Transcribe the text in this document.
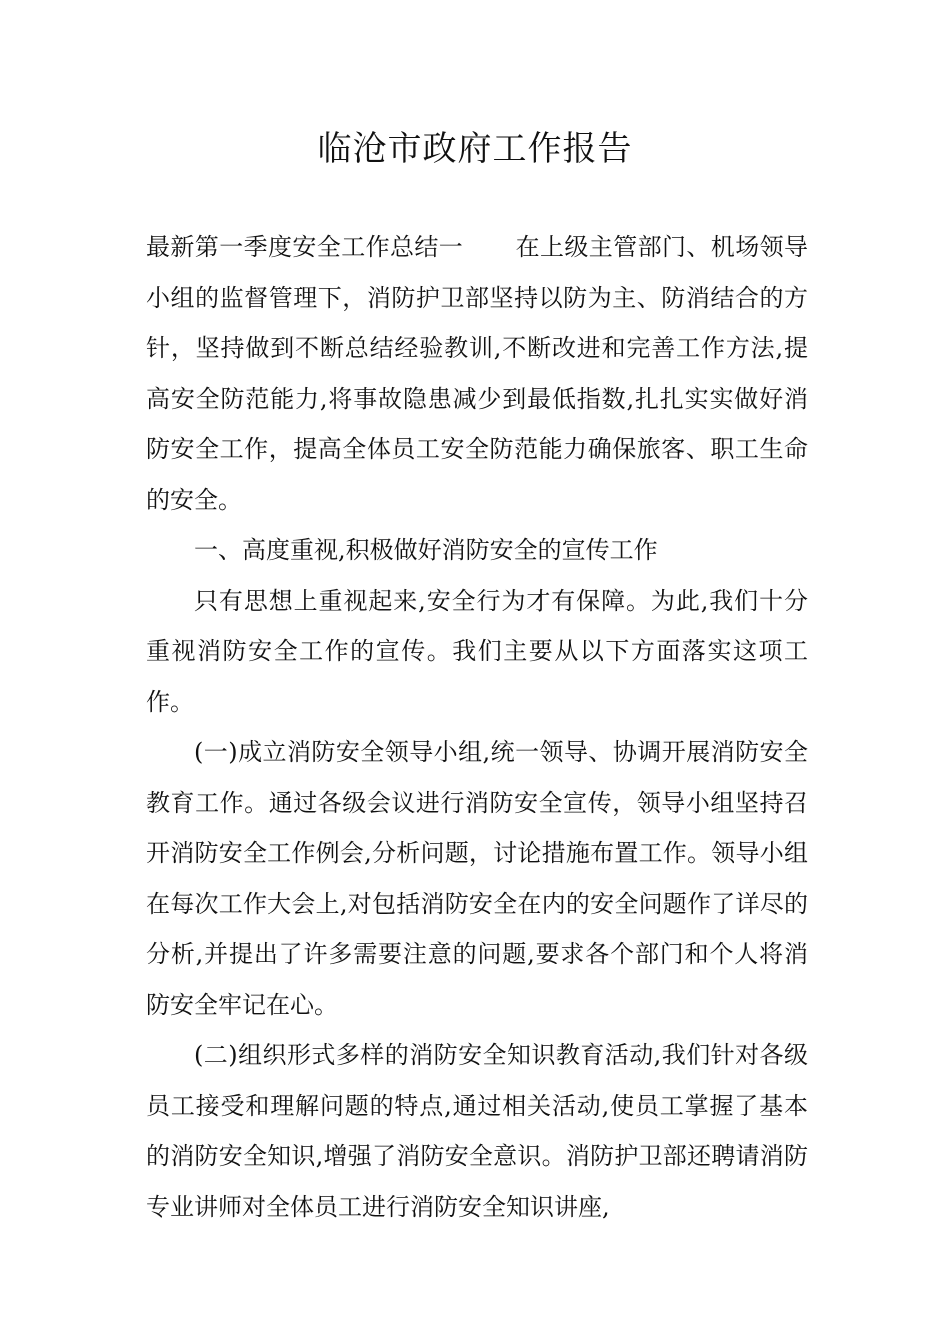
临沧市政府工作报告

最新第一季度安全工作总结一 在上级主管部门、机场领导小组的监督管理下，消防护卫部坚持以防为主、防消结合的方针，坚持做到不断总结经验教训,不断改进和完善工作方法,提高安全防范能力,将事故隐患减少到最低指数,扎扎实实做好消防安全工作，提高全体员工安全防范能力确保旅客、职工生命的安全。

一、高度重视,积极做好消防安全的宣传工作

只有思想上重视起来,安全行为才有保障。为此,我们十分重视消防安全工作的宣传。我们主要从以下方面落实这项工作。

(一)成立消防安全领导小组,统一领导、协调开展消防安全教育工作。通过各级会议进行消防安全宣传，领导小组坚持召开消防安全工作例会,分析问题，讨论措施布置工作。领导小组在每次工作大会上,对包括消防安全在内的安全问题作了详尽的分析,并提出了许多需要注意的问题,要求各个部门和个人将消防安全牢记在心。

(二)组织形式多样的消防安全知识教育活动,我们针对各级员工接受和理解问题的特点,通过相关活动,使员工掌握了基本的消防安全知识,增强了消防安全意识。消防护卫部还聘请消防专业讲师对全体员工进行消防安全知识讲座,
